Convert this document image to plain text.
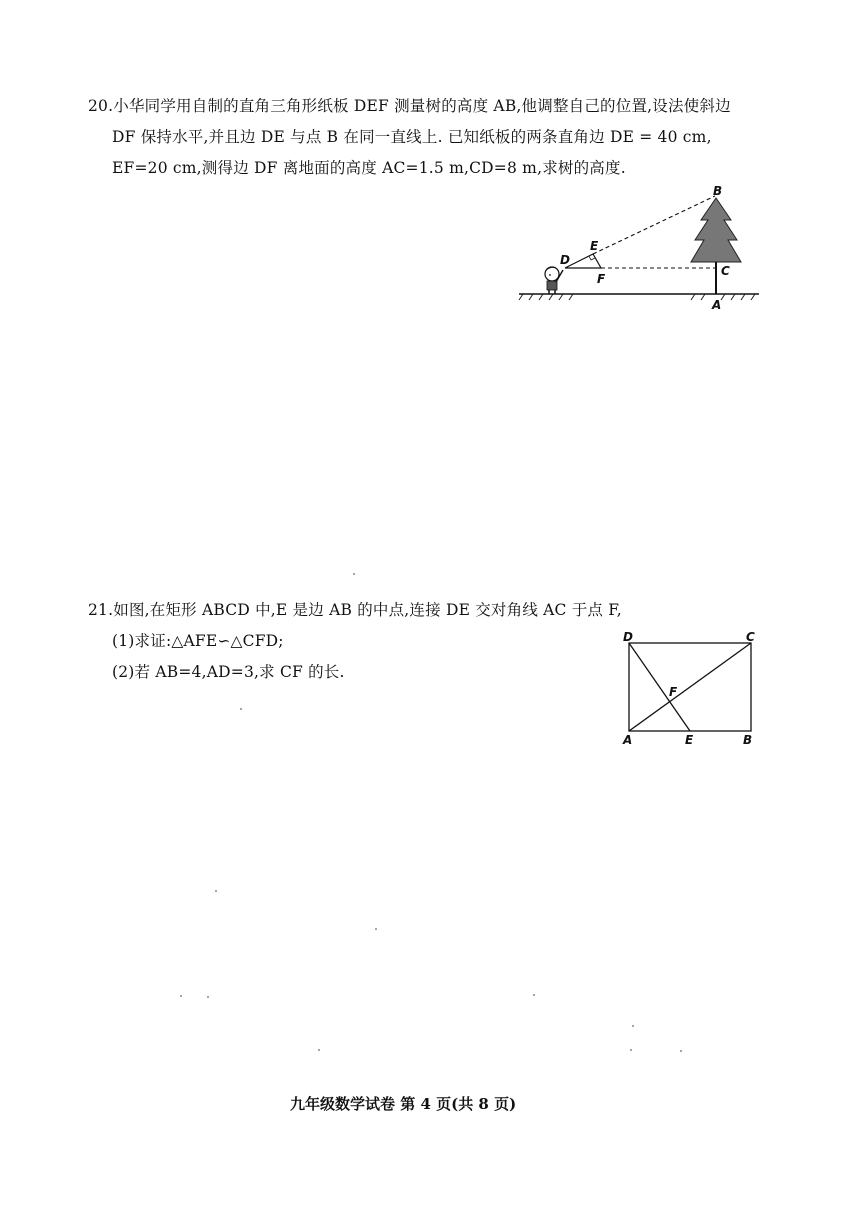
20.小华同学用自制的直角三角形纸板 DEF 测量树的高度 AB,他调整自己的位置,设法使斜边
DF 保持水平,并且边 DE 与点 B 在同一直线上. 已知纸板的两条直角边 DE = 40 cm,
EF=20 cm,测得边 DF 离地面的高度 AC=1.5 m,CD=8 m,求树的高度.
B
E
D
F
C
A
21.如图,在矩形 ABCD 中,E 是边 AB 的中点,连接 DE 交对角线 AC 于点 F,
(1)求证:△AFE∽△CFD;
(2)若 AB=4,AD=3,求 CF 的长.
D	C
F
A	E	B
九年级数学试卷 第 4 页(共 8 页)
